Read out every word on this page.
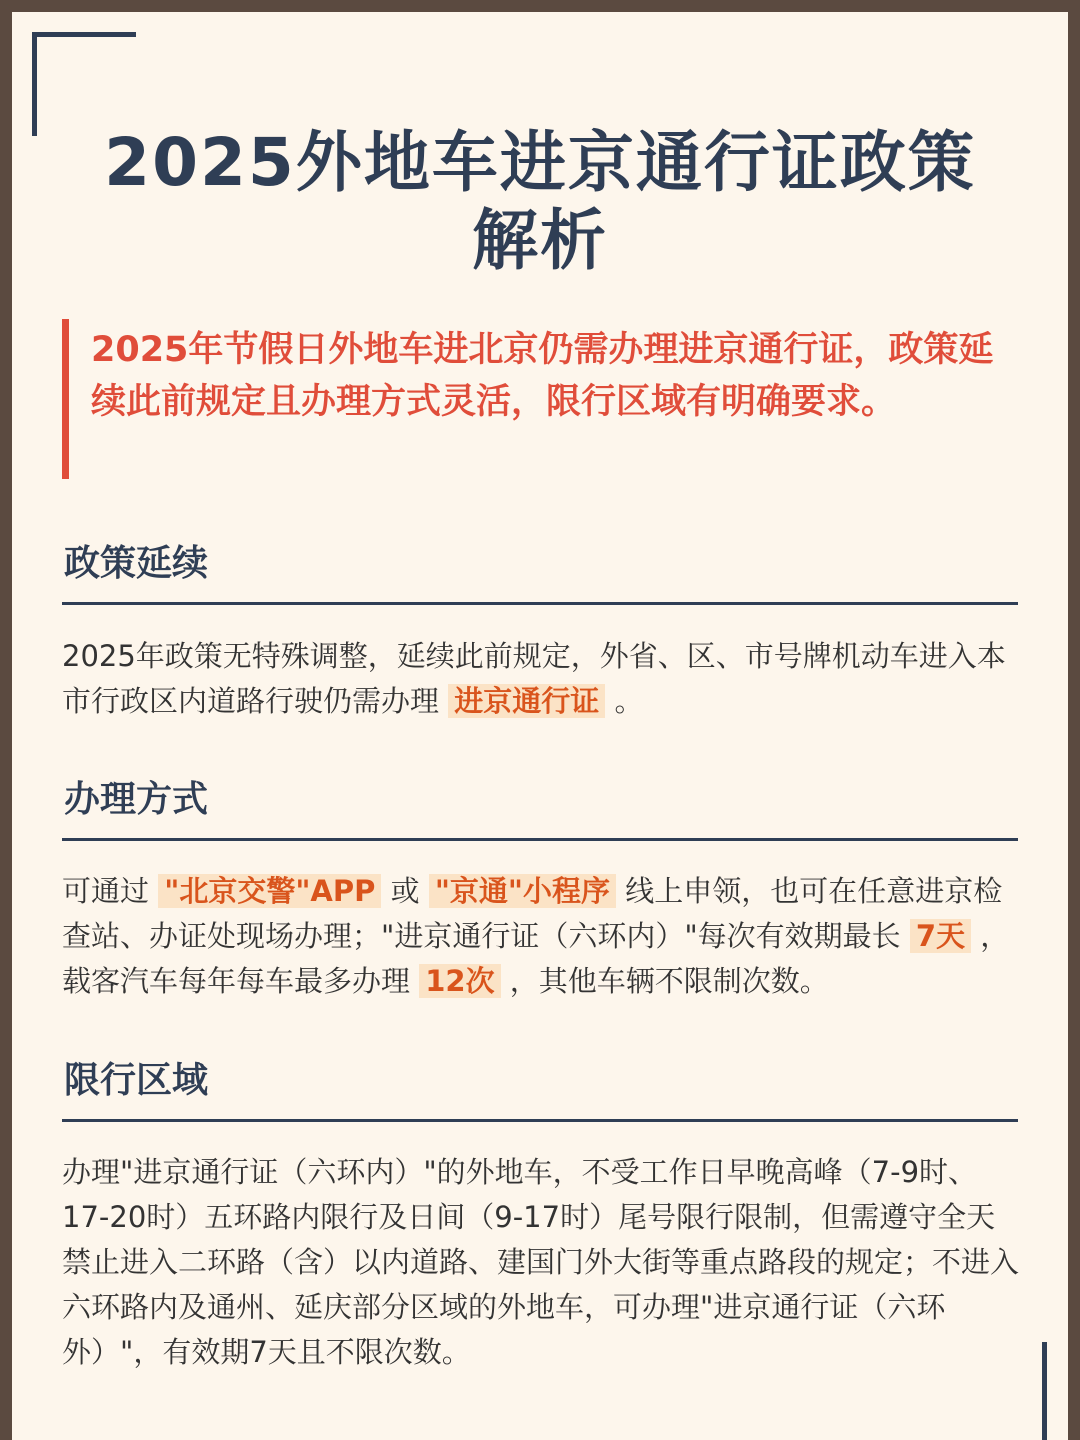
2025外地车进京通行证政策解析
2025年节假日外地车进北京仍需办理进京通行证，政策延续此前规定且办理方式灵活，限行区域有明确要求。
政策延续

2025年政策无特殊调整，延续此前规定，外省、区、市号牌机动车进入本市行政区内道路行驶仍需办理 进京通行证 。

办理方式

可通过 "北京交警"APP 或 "京通"小程序 线上申领，也可在任意进京检查站、办证处现场办理；"进京通行证（六环内）"每次有效期最长 7天 ，载客汽车每年每车最多办理 12次 ，其他车辆不限制次数。

限行区域

办理"进京通行证（六环内）"的外地车，不受工作日早晚高峰（7-9时、17-20时）五环路内限行及日间（9-17时）尾号限行限制，但需遵守全天禁止进入二环路（含）以内道路、建国门外大街等重点路段的规定；不进入六环路内及通州、延庆部分区域的外地车，可办理"进京通行证（六环外）"，有效期7天且不限次数。
